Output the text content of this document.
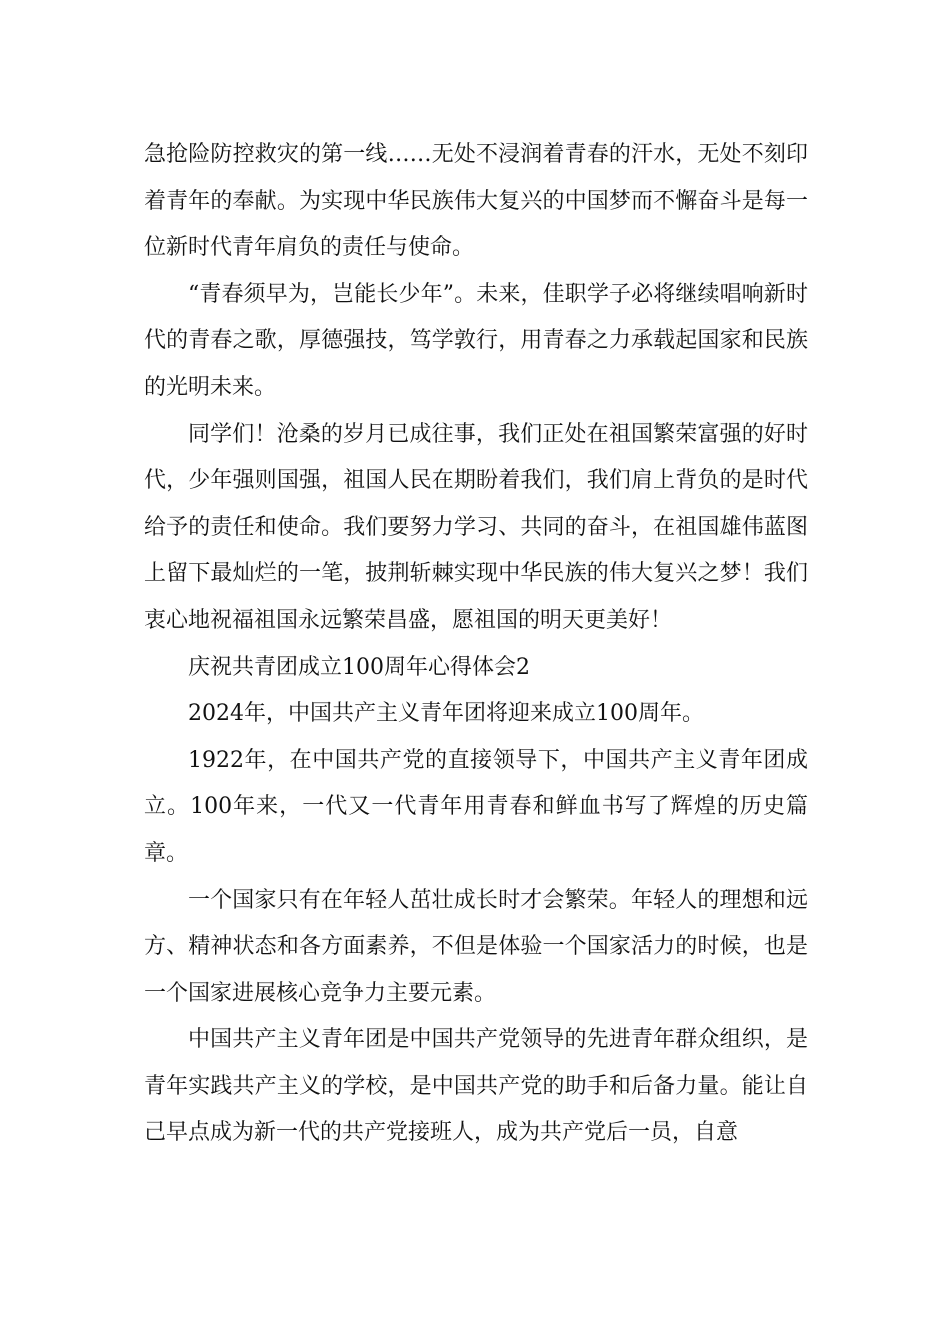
急抢险防控救灾的第一线……无处不浸润着青春的汗水，无处不刻印着青年的奉献。为实现中华民族伟大复兴的中国梦而不懈奋斗是每一位新时代青年肩负的责任与使命。

“青春须早为，岂能长少年”。未来，佳职学子必将继续唱响新时代的青春之歌，厚德强技，笃学敦行，用青春之力承载起国家和民族的光明未来。

同学们！沧桑的岁月已成往事，我们正处在祖国繁荣富强的好时代，少年强则国强，祖国人民在期盼着我们，我们肩上背负的是时代给予的责任和使命。我们要努力学习、共同的奋斗，在祖国雄伟蓝图上留下最灿烂的一笔，披荆斩棘实现中华民族的伟大复兴之梦！我们衷心地祝福祖国永远繁荣昌盛，愿祖国的明天更美好！

庆祝共青团成立100周年心得体会2

2024年，中国共产主义青年团将迎来成立100周年。

1922年，在中国共产党的直接领导下，中国共产主义青年团成立。100年来，一代又一代青年用青春和鲜血书写了辉煌的历史篇章。

一个国家只有在年轻人茁壮成长时才会繁荣。年轻人的理想和远方、精神状态和各方面素养，不但是体验一个国家活力的时候，也是一个国家进展核心竞争力主要元素。

中国共产主义青年团是中国共产党领导的先进青年群众组织，是青年实践共产主义的学校，是中国共产党的助手和后备力量。能让自己早点成为新一代的共产党接班人，成为共产党后一员，自意
